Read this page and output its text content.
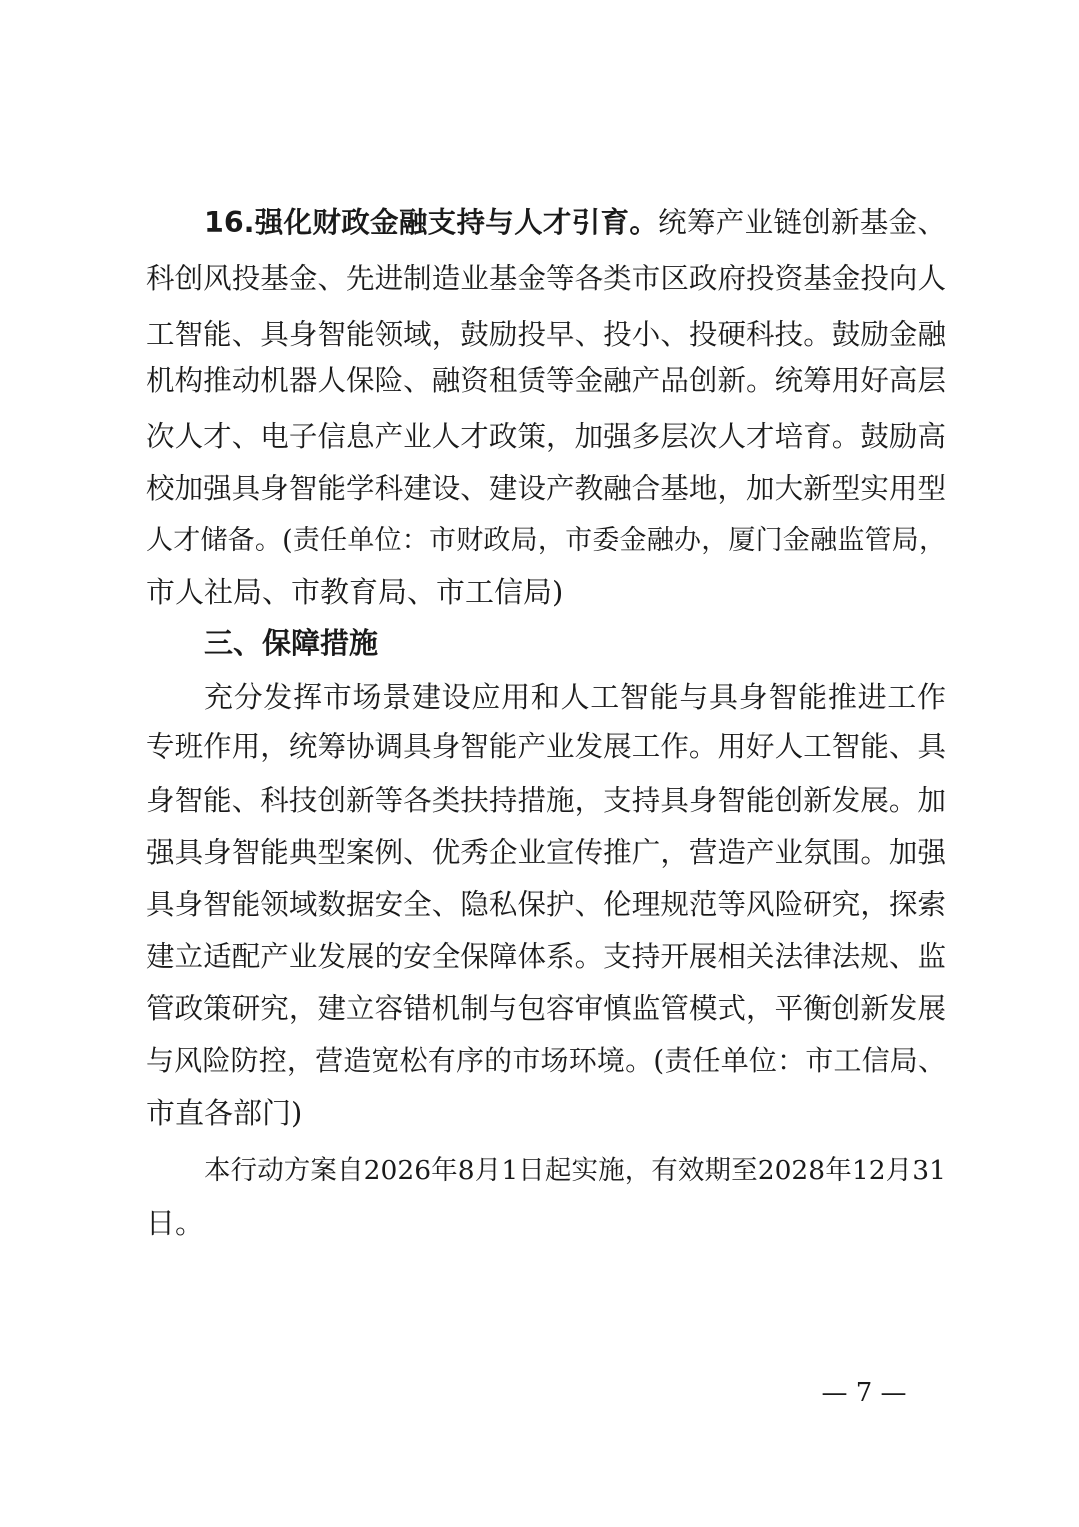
16.强化财政金融支持与人才引育。统筹产业链创新基金、
科创风投基金、先进制造业基金等各类市区政府投资基金投向人
工智能、具身智能领域，鼓励投早、投小、投硬科技。鼓励金融
机构推动机器人保险、融资租赁等金融产品创新。统筹用好高层
次人才、电子信息产业人才政策，加强多层次人才培育。鼓励高
校加强具身智能学科建设、建设产教融合基地，加大新型实用型
人才储备。(责任单位：市财政局，市委金融办，厦门金融监管局，
市人社局、市教育局、市工信局)
三、保障措施
充分发挥市场景建设应用和人工智能与具身智能推进工作
专班作用，统筹协调具身智能产业发展工作。用好人工智能、具
身智能、科技创新等各类扶持措施，支持具身智能创新发展。加
强具身智能典型案例、优秀企业宣传推广，营造产业氛围。加强
具身智能领域数据安全、隐私保护、伦理规范等风险研究，探索
建立适配产业发展的安全保障体系。支持开展相关法律法规、监
管政策研究，建立容错机制与包容审慎监管模式，平衡创新发展
与风险防控，营造宽松有序的市场环境。(责任单位：市工信局、
市直各部门)
本行动方案自2026年8月1日起实施，有效期至2028年12月31
日。
— 7 —
